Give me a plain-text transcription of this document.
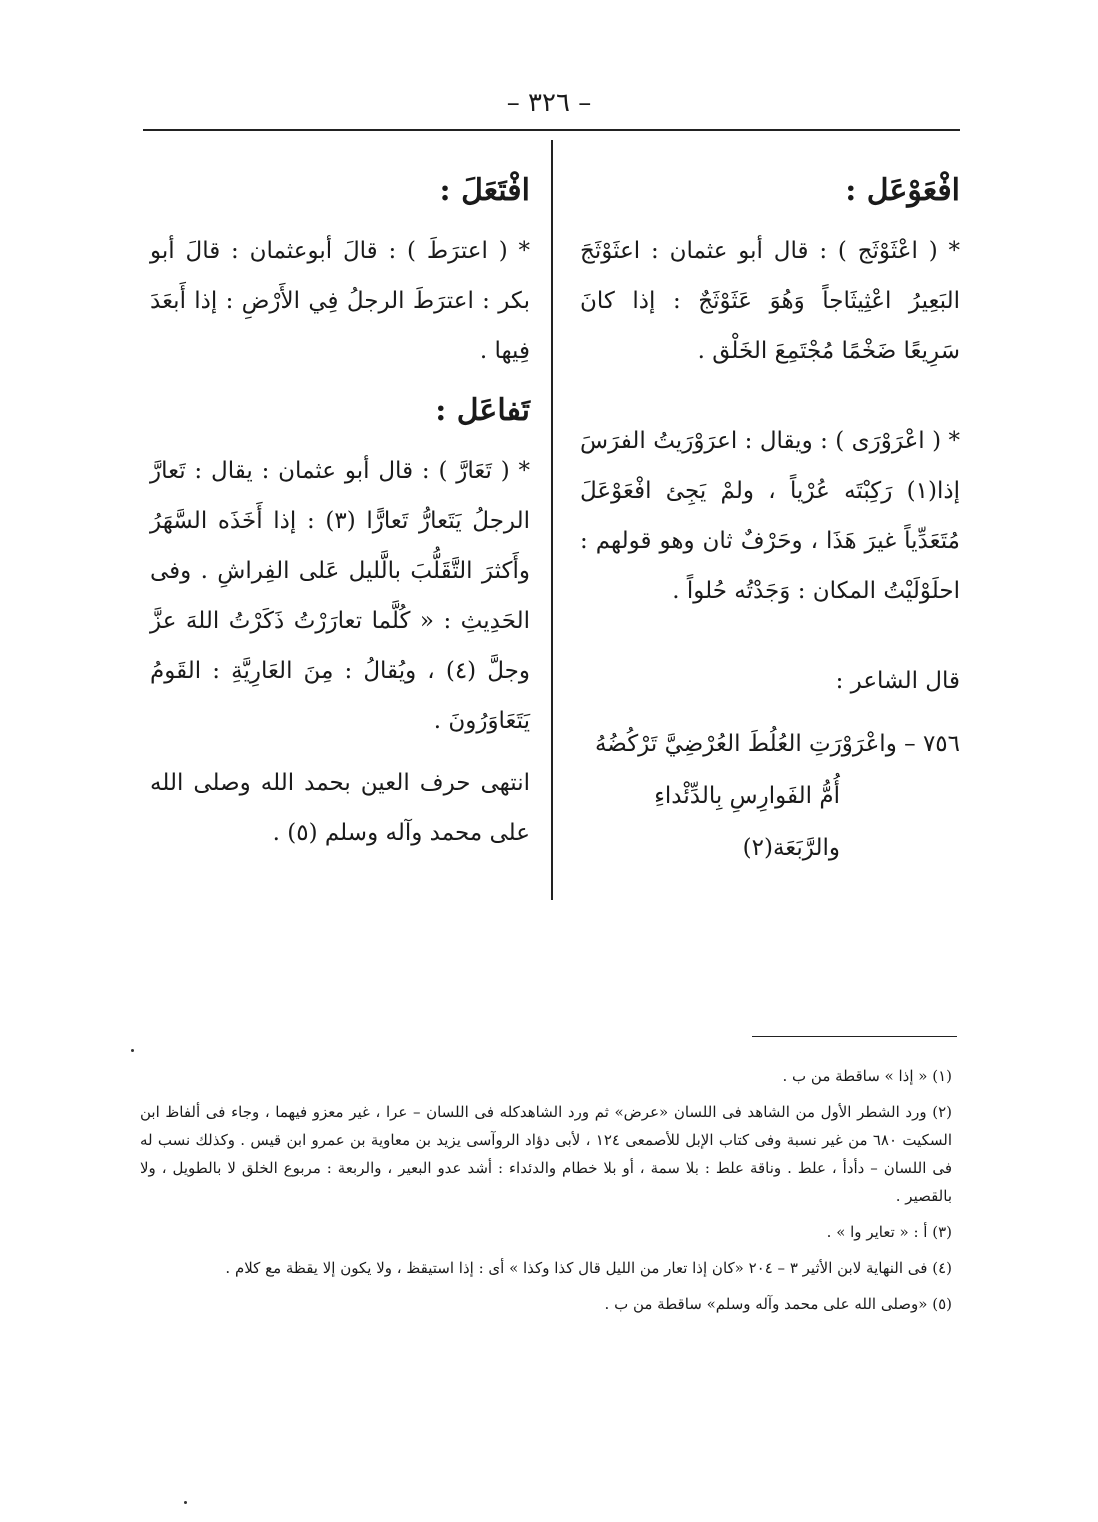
– ٣٢٦ –

افْعَوْعَل :

* ( اعْثَوْثَج ) : قال أبو عثمان : اعثَوْثَجَ البَعِيرُ اعْثِيثَاجاً وَهُوَ عَثَوْثَجٌ : إذا كانَ سَرِيعًا ضَخْمًا مُجْتَمِعَ الخَلْق .

* ( اعْرَوْرَى ) : ويقال : اعرَوْرَيتُ الفرَسَ إذا(١) رَكِبْتَه عُرْياً ، ولمْ يَجِئ افْعَوْعَلَ مُتَعَدِّياً غيرَ هَذَا ، وحَرْفٌ ثان وهو قولهم : احلَوْلَيْتُ المكان : وَجَدْتُه حُلواً .

قال الشاعر :

٧٥٦ – واعْرَوْرَتِ العُلُطَ العُرْضِيَّ تَرْكُضُهُ

أُمُّ الفَوارِسِ بِالدِّئْداءِ والرَّبَعَة(٢)

افْتَعَلَ :

* ( اعترَطَ ) : قالَ أبوعثمان : قالَ أبو بكر : اعترَطَ الرجلُ فِي الأَرْضِ : إذا أَبعَدَ فِيها .

تَفاعَل :

* ( تَعَارَّ ) : قال أبو عثمان : يقال : تَعارَّ الرجلُ يَتَعارُّ تَعارًّا (٣) : إذا أَخَذَه السَّهَرُ وأَكثرَ التَّقَلُّبَ بالَّليل عَلى الفِراشِ . وفى الحَدِيثِ : « كُلَّما تعارَرْتُ ذَكَرْتُ اللهَ عزَّ وجلَّ (٤) ، ويُقالُ : مِنَ العَارِيَّةِ : القَومُ يَتَعَاوَرُونَ .

انتهى حرف العين بحمد الله وصلى الله على محمد وآله وسلم (٥) .

(١) « إذا » ساقطة من ب .

(٢) ورد الشطر الأول من الشاهد فى اللسان «عرض» ثم ورد الشاهدكله فى اللسان – عرا ، غير معزو فيهما ، وجاء فى ألفاظ ابن السكيت ٦٨٠ من غير نسبة وفى كتاب الإبل للأصمعى ١٢٤ ، لأبى دؤاد الروآسى يزيد بن معاوية بن عمرو ابن قيس . وكذلك نسب له فى اللسان – دأدأ ، علط . وناقة علط : بلا سمة ، أو بلا خطام والدئداء : أشد عدو البعير ، والربعة : مربوع الخلق لا بالطويل ، ولا بالقصير .

(٣) أ : « تعاير وا » .

(٤) فى النهاية لابن الأثير ٣ – ٢٠٤ «كان إذا تعار من الليل قال كذا وكذا » أى : إذا استيقظ ، ولا يكون إلا يقظة مع كلام .

(٥) «وصلى الله على محمد وآله وسلم» ساقطة من ب .
